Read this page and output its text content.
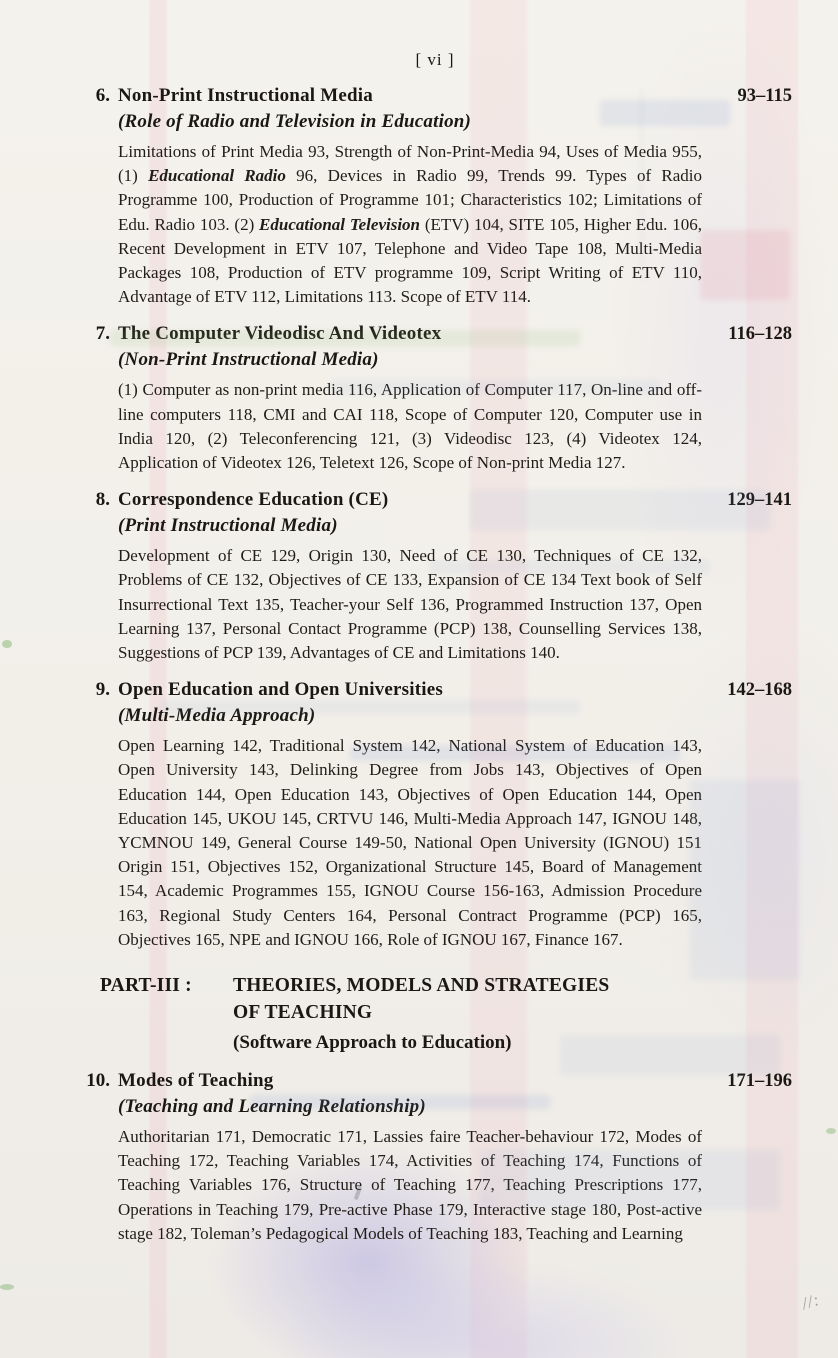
[ vi ]
6. Non-Print Instructional Media	93–115
(Role of Radio and Television in Education)
Limitations of Print Media 93, Strength of Non-Print-Media 94, Uses of Media 955, (1) Educational Radio 96, Devices in Radio 99, Trends 99. Types of Radio Programme 100, Production of Programme 101; Characteristics 102; Limitations of Edu. Radio 103. (2) Educational Television (ETV) 104, SITE 105, Higher Edu. 106, Recent Development in ETV 107, Telephone and Video Tape 108, Multi-Media Packages 108, Production of ETV programme 109, Script Writing of ETV 110, Advantage of ETV 112, Limitations 113. Scope of ETV 114.
7. The Computer Videodisc And Videotex	116–128
(Non-Print Instructional Media)
(1) Computer as non-print media 116, Application of Computer 117, On-line and off-line computers 118, CMI and CAI 118, Scope of Computer 120, Computer use in India 120, (2) Teleconferencing 121, (3) Videodisc 123, (4) Videotex 124, Application of Videotex 126, Teletext 126, Scope of Non-print Media 127.
8. Correspondence Education (CE)	129–141
(Print Instructional Media)
Development of CE 129, Origin 130, Need of CE 130, Techniques of CE 132, Problems of CE 132, Objectives of CE 133, Expansion of CE 134 Text book of Self Insurrectional Text 135, Teacher-your Self 136, Programmed Instruction 137, Open Learning 137, Personal Contact Programme (PCP) 138, Counselling Services 138, Suggestions of PCP 139, Advantages of CE and Limitations 140.
9. Open Education and Open Universities	142–168
(Multi-Media Approach)
Open Learning 142, Traditional System 142, National System of Education 143, Open University 143, Delinking Degree from Jobs 143, Objectives of Open Education 144, Open Education 143, Objectives of Open Education 144, Open Education 145, UKOU 145, CRTVU 146, Multi-Media Approach 147, IGNOU 148, YCMNOU 149, General Course 149-50, National Open University (IGNOU) 151 Origin 151, Objectives 152, Organizational Structure 145, Board of Management 154, Academic Programmes 155, IGNOU Course 156-163, Admission Procedure 163, Regional Study Centers 164, Personal Contract Programme (PCP) 165, Objectives 165, NPE and IGNOU 166, Role of IGNOU 167, Finance 167.
PART-III :	THEORIES, MODELS AND STRATEGIES
OF TEACHING
(Software Approach to Education)
10. Modes of Teaching	171–196
(Teaching and Learning Relationship)
Authoritarian 171, Democratic 171, Lassies faire Teacher-behaviour 172, Modes of Teaching 172, Teaching Variables 174, Activities of Teaching 174, Functions of Teaching Variables 176, Structure of Teaching 177, Teaching Prescriptions 177, Operations in Teaching 179, Pre-active Phase 179, Interactive stage 180, Post-active stage 182, Toleman’s Pedagogical Models of Teaching 183, Teaching and Learning
//:
